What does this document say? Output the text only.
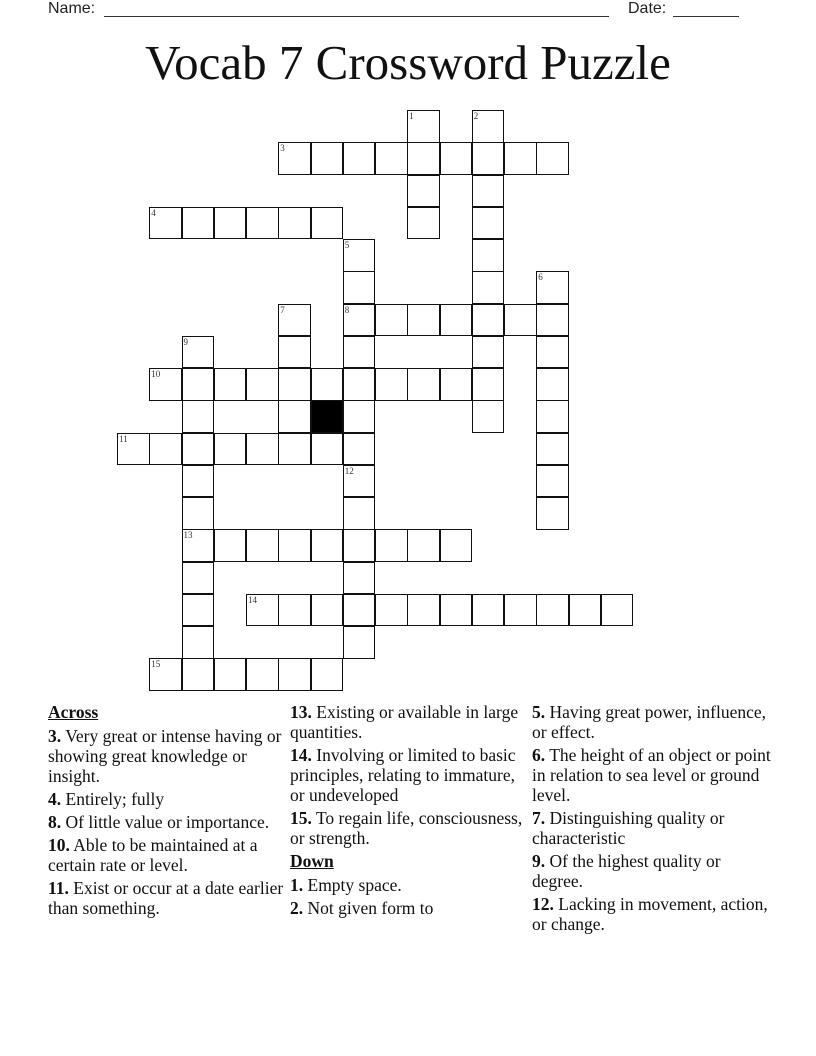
Name:	Date:
Vocab 7 Crossword Puzzle
1	2
3
4
5
8
12
6
7
9
13
10
11
14
15
Across
3. Very great or intense having or showing great knowledge or insight.
4. Entirely; fully
8. Of little value or importance.
10. Able to be maintained at a certain rate or level.
11. Exist or occur at a date earlier than something.
13. Existing or available in large quantities.
14. Involving or limited to basic principles, relating to immature, or undeveloped
15. To regain life, consciousness, or strength.
Down
1. Empty space.
2. Not given form to
5. Having great power, influence, or effect.
6. The height of an object or point in relation to sea level or ground level.
7. Distinguishing quality or characteristic
9. Of the highest quality or degree.
12. Lacking in movement, action, or change.
